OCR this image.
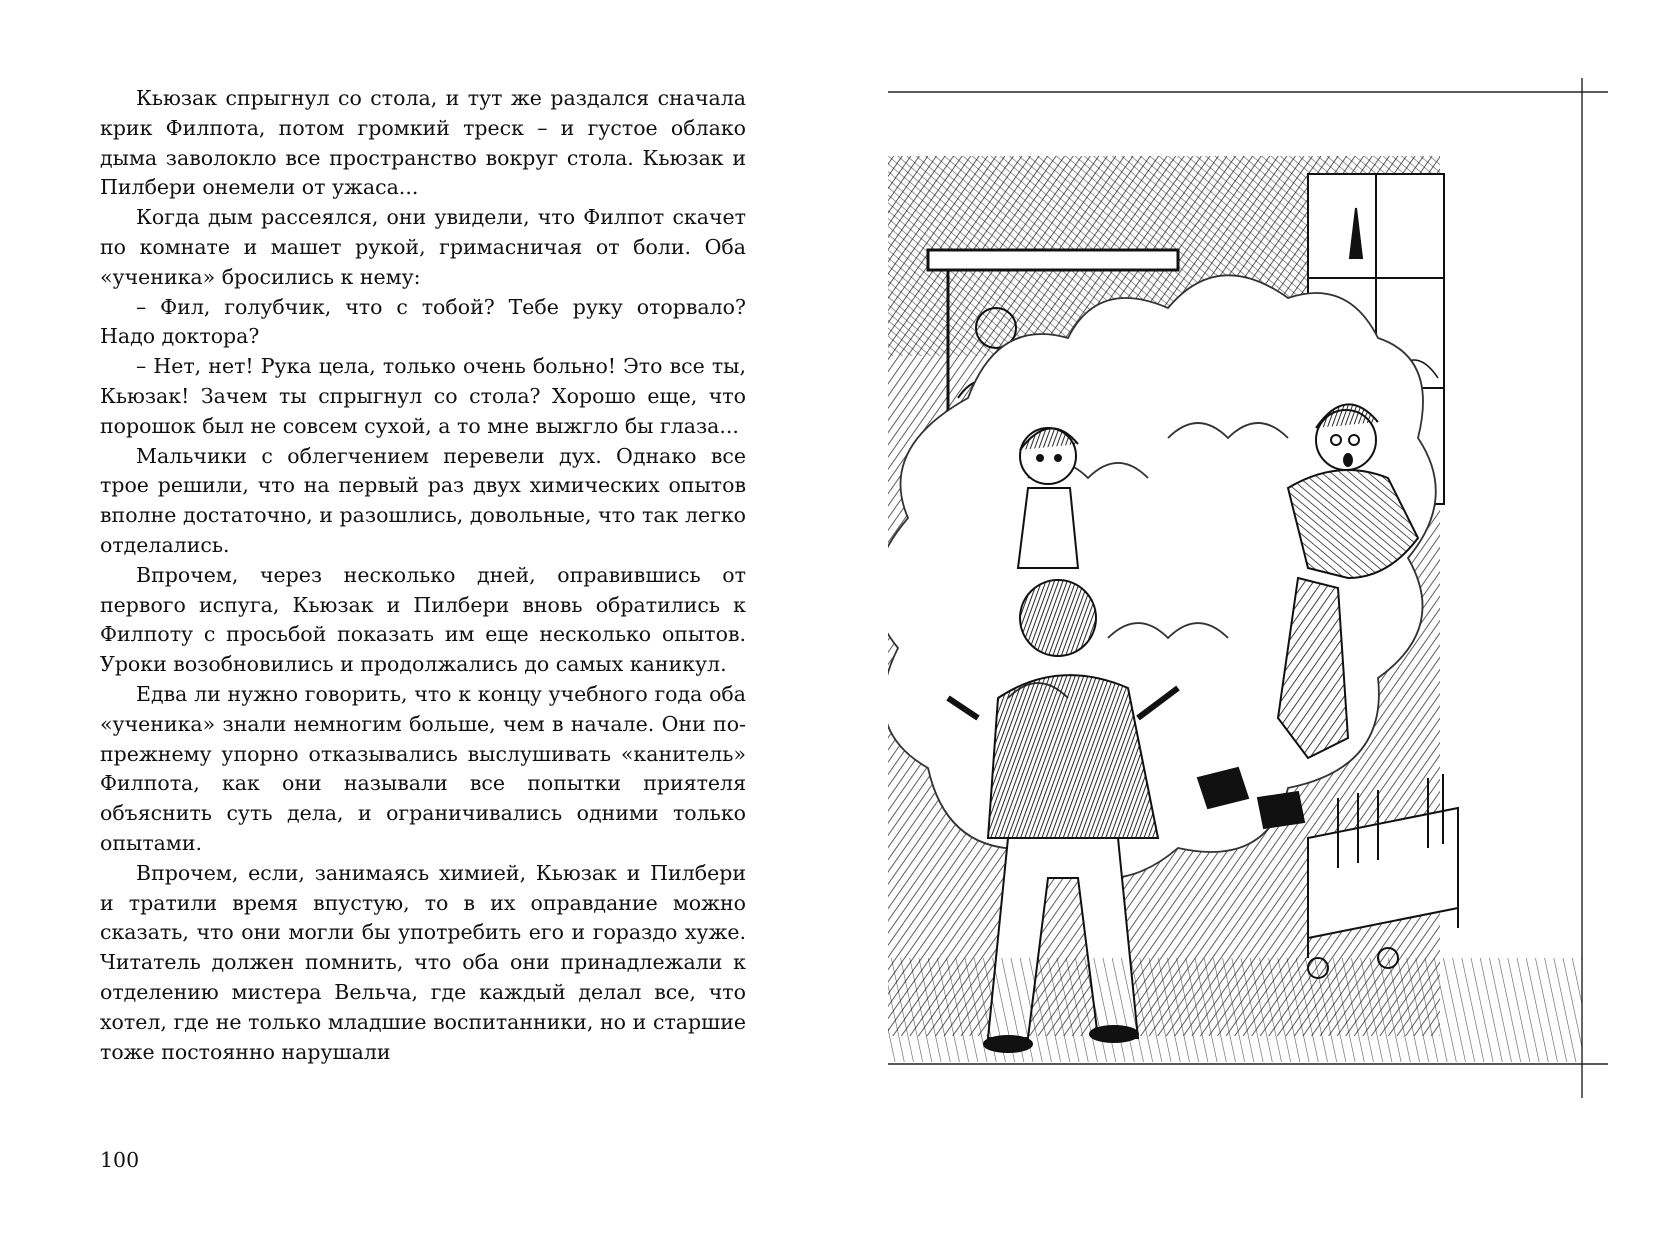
Кьюзак спрыгнул со стола, и тут же раздался сначала крик Филпота, потом громкий треск – и густое облако дыма заволокло все пространство вокруг стола. Кьюзак и Пилбери онемели от ужаса...

Когда дым рассеялся, они увидели, что Филпот скачет по комнате и машет рукой, гримасничая от боли. Оба «ученика» бросились к нему:

– Фил, голубчик, что с тобой? Тебе руку оторвало? Надо доктора?

– Нет, нет! Рука цела, только очень больно! Это все ты, Кьюзак! Зачем ты спрыгнул со стола? Хорошо еще, что порошок был не совсем сухой, а то мне выжгло бы глаза...

Мальчики с облегчением перевели дух. Однако все трое решили, что на первый раз двух химических опытов вполне достаточно, и разошлись, довольные, что так легко отделались.

Впрочем, через несколько дней, оправившись от первого испуга, Кьюзак и Пилбери вновь обратились к Филпоту с просьбой показать им еще несколько опытов. Уроки возобновились и продолжались до самых каникул.

Едва ли нужно говорить, что к концу учебного года оба «ученика» знали немногим больше, чем в начале. Они по-прежнему упорно отказывались выслушивать «канитель» Филпота, как они называли все попытки приятеля объяснить суть дела, и ограничивались одними только опытами.

Впрочем, если, занимаясь химией, Кьюзак и Пилбери и тратили время впустую, то в их оправдание можно сказать, что они могли бы употребить его и гораздо хуже. Читатель должен помнить, что оба они принадлежали к отделению мистера Вельча, где каждый делал все, что хотел, где не только младшие воспитанники, но и старшие тоже постоянно нарушали

100
